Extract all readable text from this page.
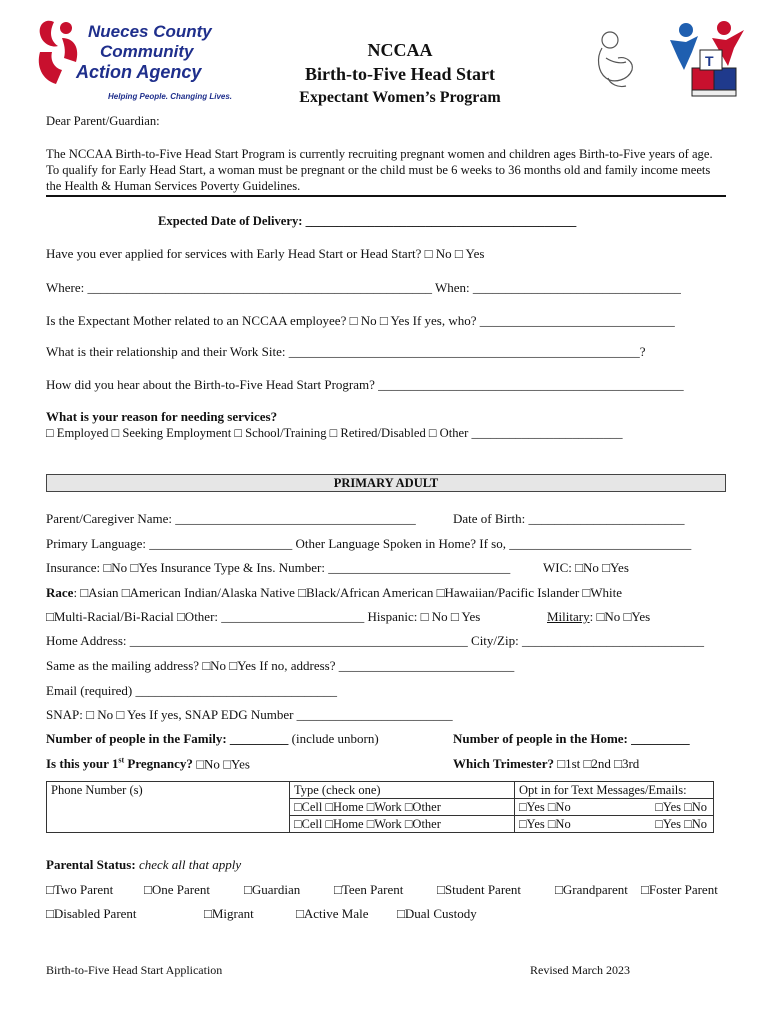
Nueces County
Community
Action Agency
Helping People. Changing Lives.
NCCAA
Birth-to-Five Head Start
Expectant Women’s Program
T
Dear Parent/Guardian:
The NCCAA Birth-to-Five Head Start Program is currently recruiting pregnant women and children ages Birth-to-Five years of age. To qualify for Early Head Start, a woman must be pregnant or the child must be 6 weeks to 36 months old and family income meets the Health & Human Services Poverty Guidelines.
Expected Date of Delivery: ___________________________________________
Have you ever applied for services with Early Head Start or Head Start? □ No □ Yes
Where: _____________________________________________________ When: ________________________________
Is the Expectant Mother related to an NCCAA employee? □ No □ Yes If yes, who? ______________________________
What is their relationship and their Work Site: ______________________________________________________?
How did you hear about the Birth-to-Five Head Start Program? _______________________________________________
What is your reason for needing services?
□ Employed □ Seeking Employment □ School/Training □ Retired/Disabled □ Other ________________________
PRIMARY ADULT
Parent/Caregiver Name: _____________________________________	Date of Birth: ________________________
Primary Language: ______________________ Other Language Spoken in Home? If so, ____________________________
Insurance: □No □Yes Insurance Type & Ins. Number: ____________________________	WIC: □No □Yes
Race: □Asian □American Indian/Alaska Native □Black/African American □Hawaiian/Pacific Islander □White
□Multi-Racial/Bi-Racial □Other: ______________________ Hispanic: □ No □ Yes	Military: □No □Yes
Home Address: ____________________________________________________ City/Zip: ____________________________
Same as the mailing address? □No □Yes If no, address? ___________________________
Email (required) _______________________________
SNAP: □ No □ Yes If yes, SNAP EDG Number ________________________
Number of people in the Family: _________ (include unborn)	Number of people in the Home: _________
Is this your 1st Pregnancy? □No □Yes	Which Trimester? □1st □2nd □3rd
Phone Number (s)	Type (check one)	Opt in for Text Messages/Emails:
	□Cell □Home □Work □Other	□Yes □No □Yes □No

	□Cell □Home □Work □Other	□Yes □No □Yes □No
Parental Status: check all that apply
□Two Parent □One Parent	□Guardian	□Teen Parent	□Student Parent	□Grandparent □Foster Parent
□Disabled Parent	□Migrant	□Active Male □Dual Custody
Birth-to-Five Head Start Application	Revised March 2023
